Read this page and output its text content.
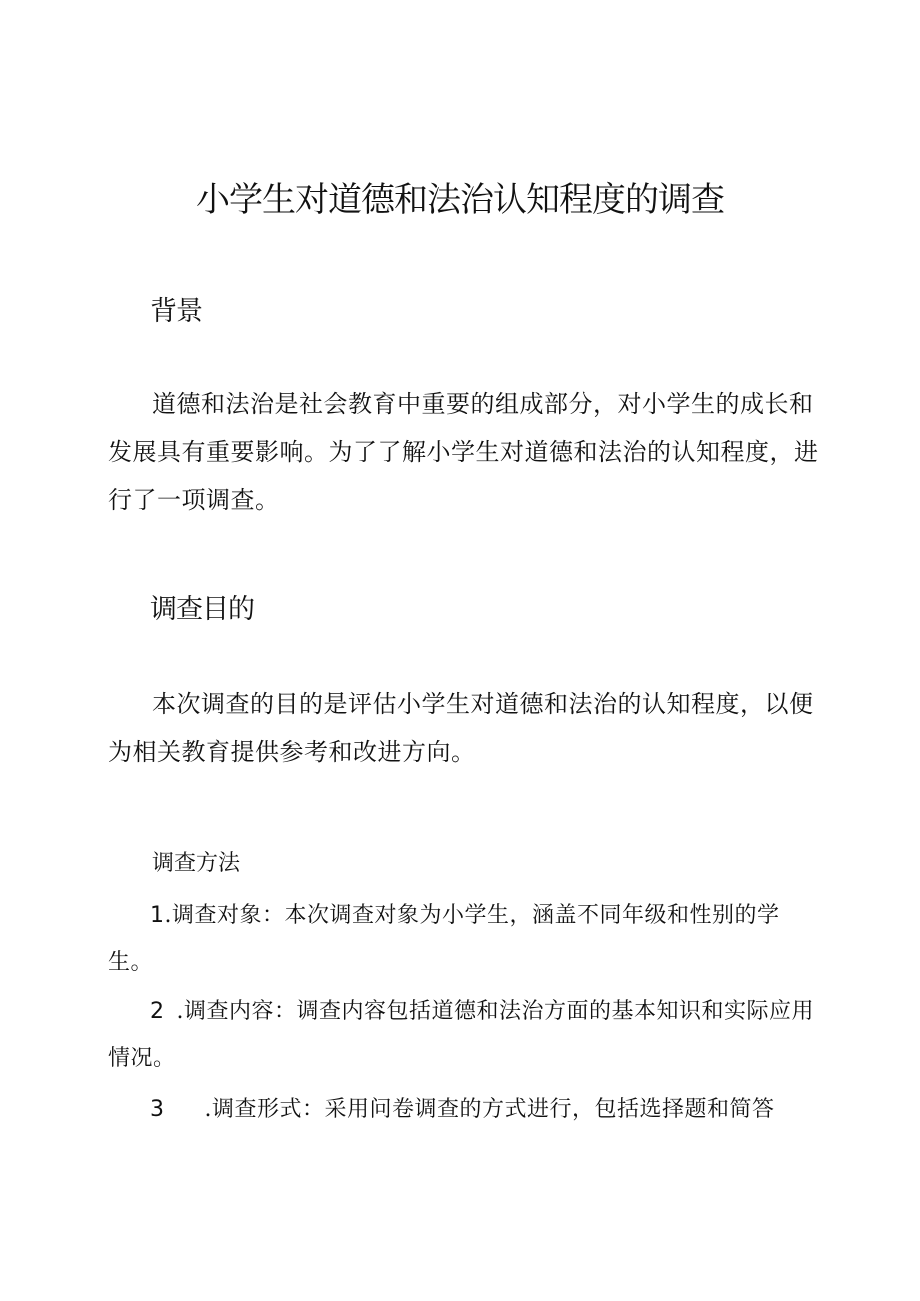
小学生对道德和法治认知程度的调查
背景

道德和法治是社会教育中重要的组成部分，对小学生的成长和发展具有重要影响。为了了解小学生对道德和法治的认知程度，进行了一项调查。

调查目的

本次调查的目的是评估小学生对道德和法治的认知程度，以便为相关教育提供参考和改进方向。

调查方法

1.调查对象：本次调查对象为小学生，涵盖不同年级和性别的学生。

2 .调查内容：调查内容包括道德和法治方面的基本知识和实际应用情况。

3 .调查形式：采用问卷调查的方式进行，包括选择题和简答
